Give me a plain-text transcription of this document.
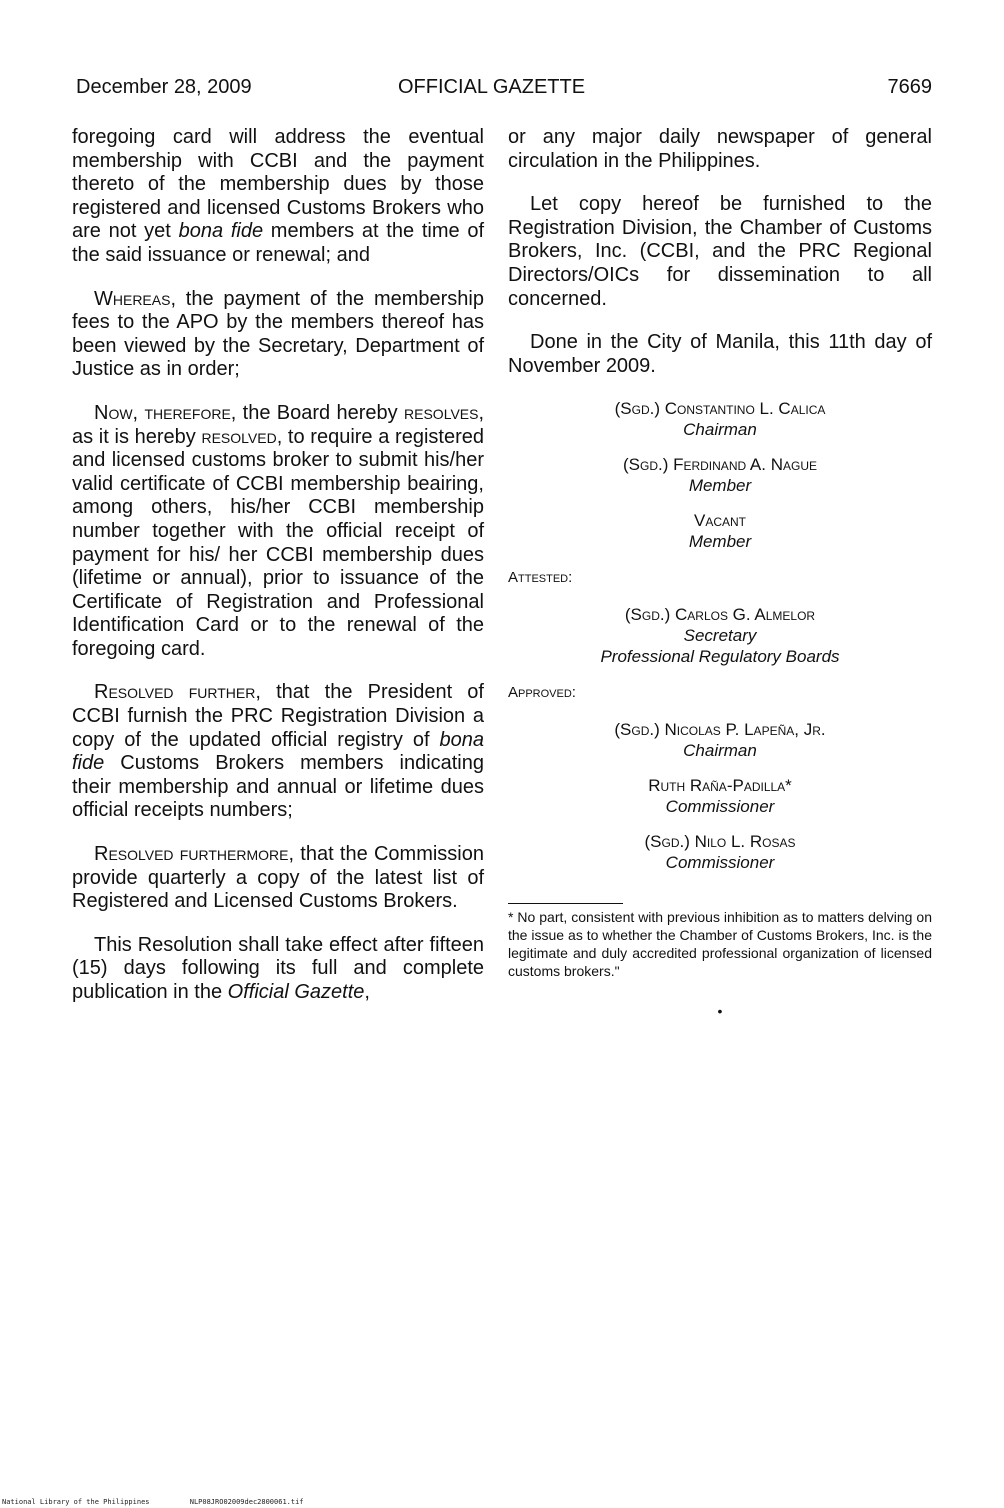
December 28, 2009	OFFICIAL GAZETTE	7669

foregoing card will address the eventual membership with CCBI and the payment thereto of the membership dues by those registered and licensed Customs Brokers who are not yet bona fide members at the time of the said issuance or renewal; and

Whereas, the payment of the membership fees to the APO by the members thereof has been viewed by the Secretary, Department of Justice as in order;

Now, therefore, the Board hereby resolves, as it is hereby resolved, to require a registered and licensed customs broker to submit his/her valid certificate of CCBI membership beairing, among others, his/her CCBI membership number together with the official receipt of payment for his/ her CCBI membership dues (lifetime or annual), prior to issuance of the Certificate of Registration and Professional Identification Card or to the renewal of the foregoing card.

Resolved further, that the President of CCBI furnish the PRC Registration Division a copy of the updated official registry of bona fide Customs Brokers members indicating their membership and annual or lifetime dues official receipts numbers;

Resolved furthermore, that the Commission provide quarterly a copy of the latest list of Registered and Licensed Customs Brokers.

This Resolution shall take effect after fifteen (15) days following its full and complete publication in the Official Gazette,

or any major daily newspaper of general circulation in the Philippines.

Let copy hereof be furnished to the Registration Division, the Chamber of Customs Brokers, Inc. (CCBI, and the PRC Regional Directors/OICs for dissemination to all concerned.

Done in the City of Manila, this 11th day of November 2009.

(Sgd.) Constantino L. Calica
Chairman
(Sgd.) Ferdinand A. Nague
Member
Vacant
Member
Attested:
(Sgd.) Carlos G. Almelor
Secretary
Professional Regulatory Boards
Approved:
(Sgd.) Nicolas P. Lapeña, Jr.
Chairman
Ruth Raña-Padilla*
Commissioner
(Sgd.) Nilo L. Rosas
Commissioner

* No part, consistent with previous inhibition as to matters delving on the issue as to whether the Chamber of Customs Brokers, Inc. is the legitimate and duly accredited professional organization of licensed customs brokers."

•
National Library of the Philippines	NLP08JRO02009dec2800061.tif
